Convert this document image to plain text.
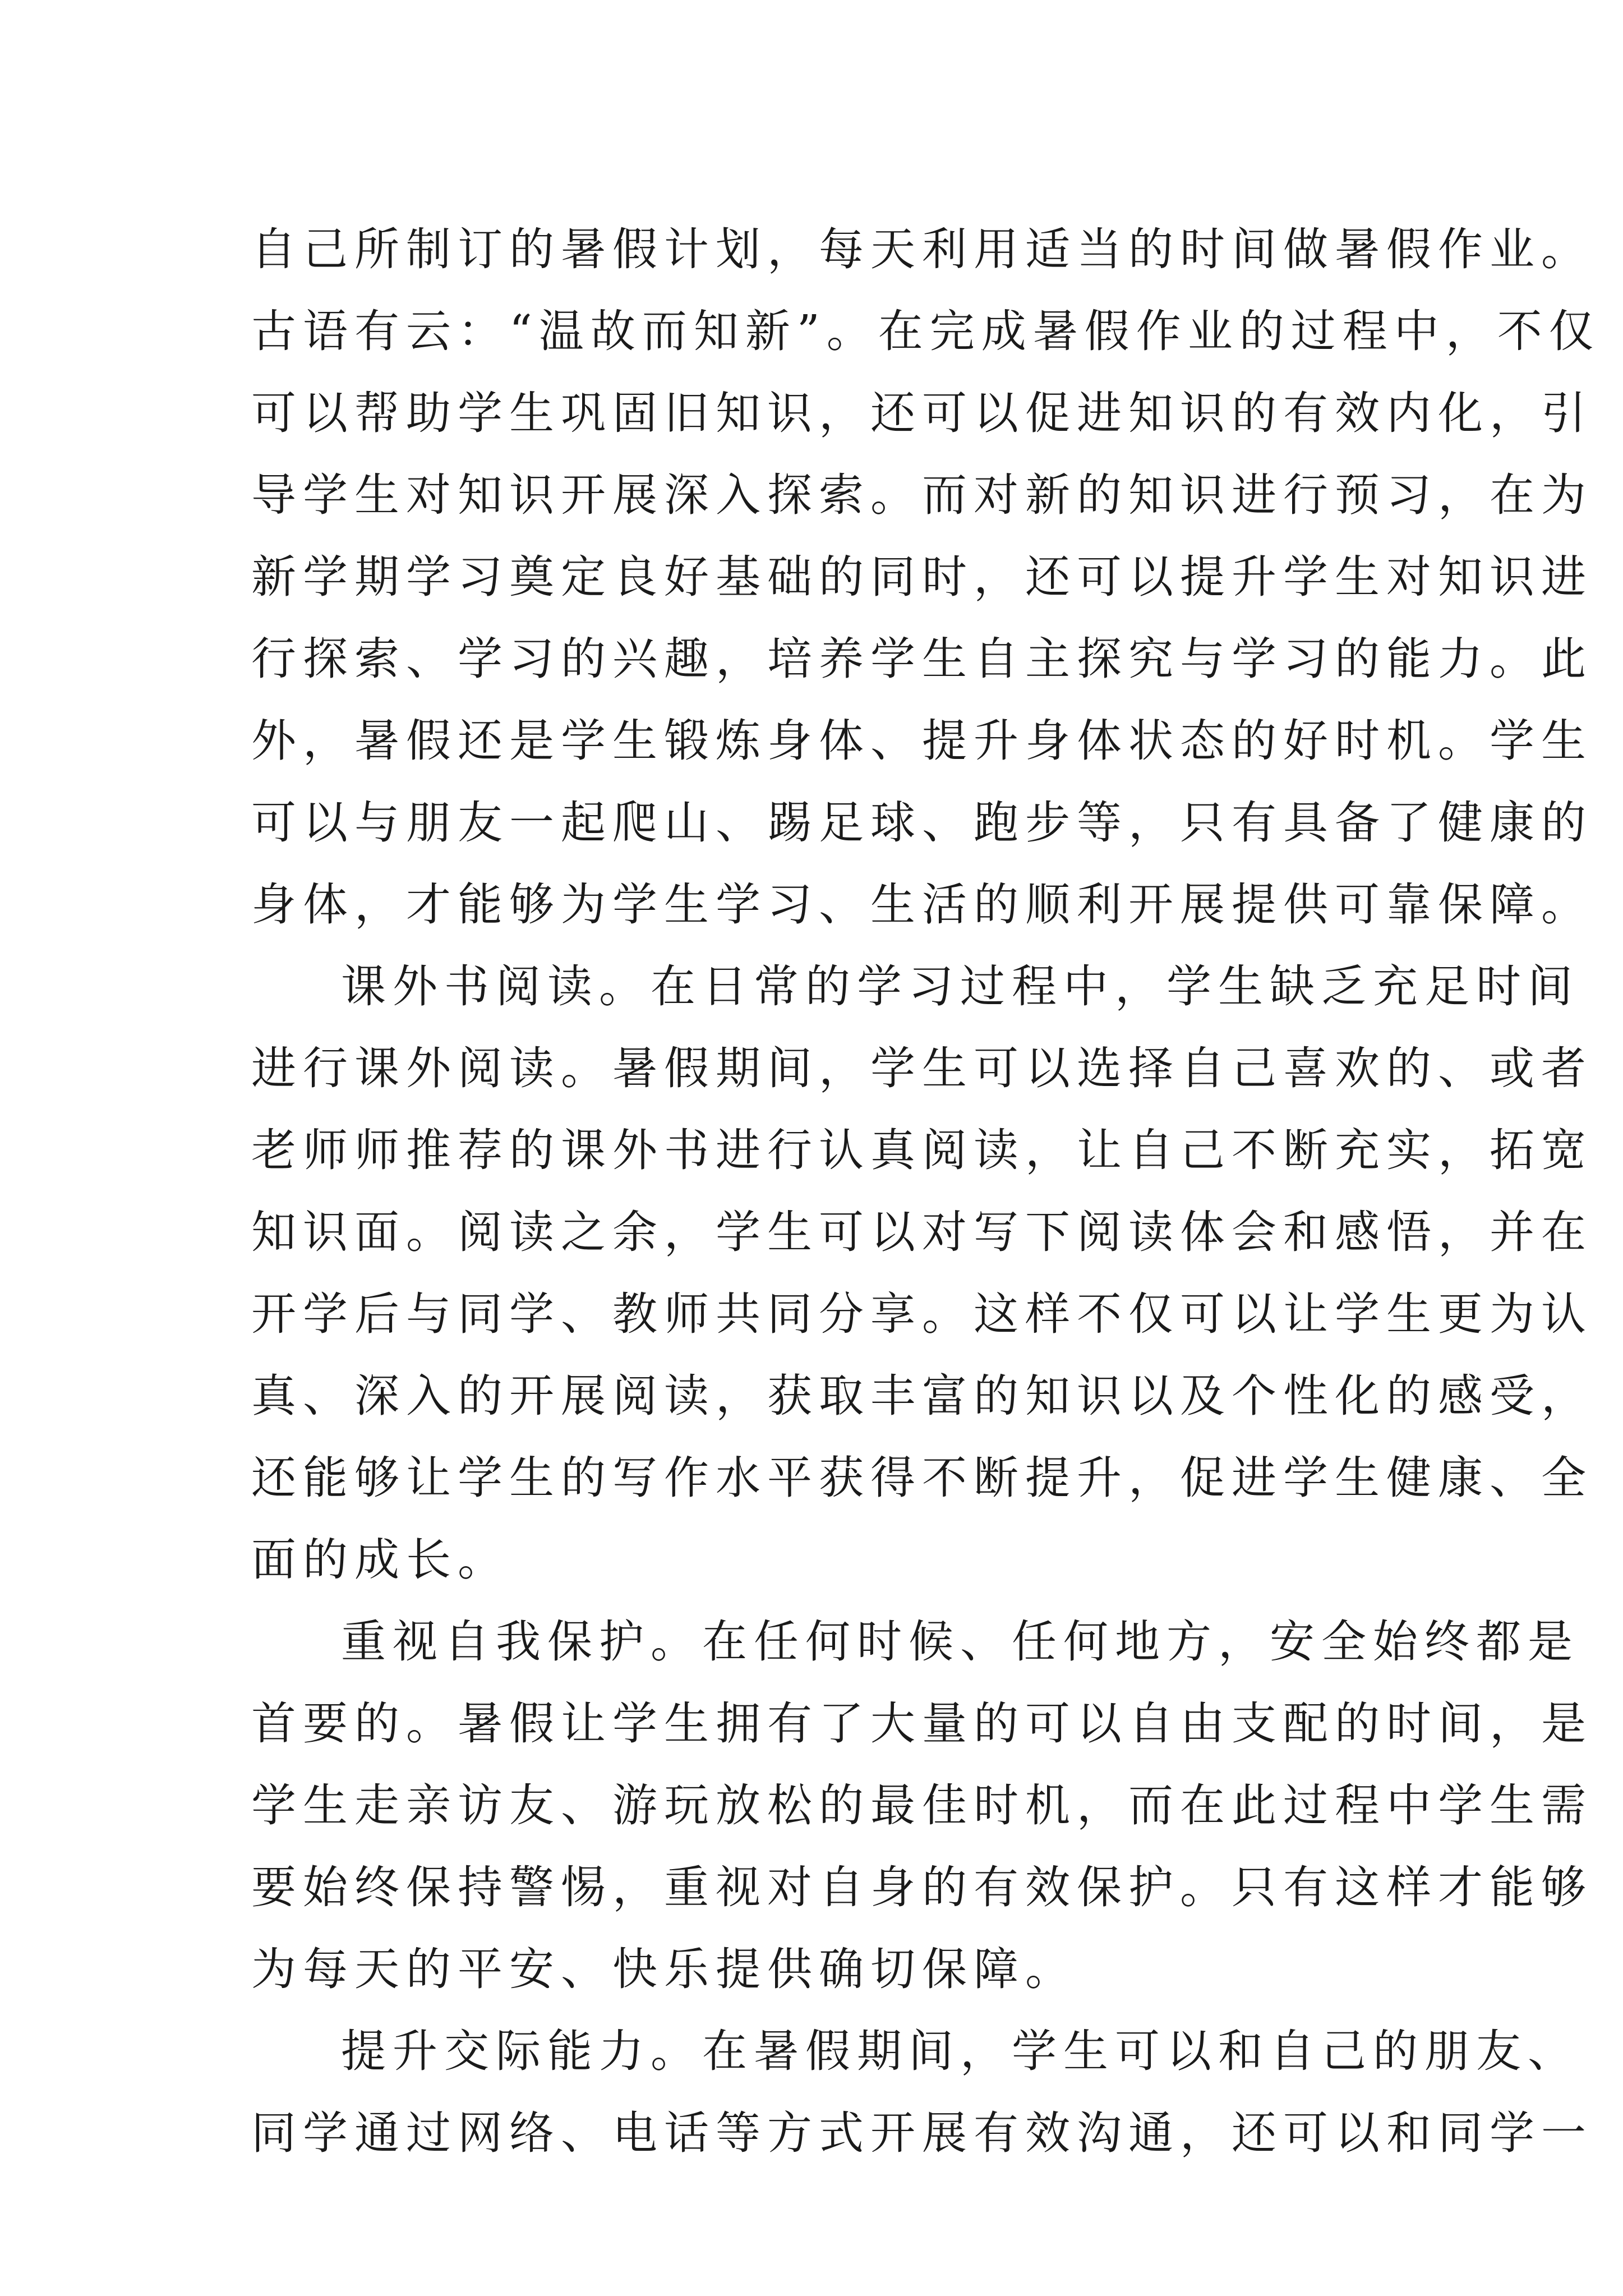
自己所制订的暑假计划，每天利用适当的时间做暑假作业。
古语有云：“温故而知新”。在完成暑假作业的过程中，不仅
可以帮助学生巩固旧知识，还可以促进知识的有效内化，引
导学生对知识开展深入探索。而对新的知识进行预习，在为
新学期学习奠定良好基础的同时，还可以提升学生对知识进
行探索、学习的兴趣，培养学生自主探究与学习的能力。此
外，暑假还是学生锻炼身体、提升身体状态的好时机。学生
可以与朋友一起爬山、踢足球、跑步等，只有具备了健康的
身体，才能够为学生学习、生活的顺利开展提供可靠保障。
课外书阅读。在日常的学习过程中，学生缺乏充足时间
进行课外阅读。暑假期间，学生可以选择自己喜欢的、或者
老师师推荐的课外书进行认真阅读，让自己不断充实，拓宽
知识面。阅读之余，学生可以对写下阅读体会和感悟，并在
开学后与同学、教师共同分享。这样不仅可以让学生更为认
真、深入的开展阅读，获取丰富的知识以及个性化的感受，
还能够让学生的写作水平获得不断提升，促进学生健康、全
面的成长。
重视自我保护。在任何时候、任何地方，安全始终都是
首要的。暑假让学生拥有了大量的可以自由支配的时间，是
学生走亲访友、游玩放松的最佳时机，而在此过程中学生需
要始终保持警惕，重视对自身的有效保护。只有这样才能够
为每天的平安、快乐提供确切保障。
提升交际能力。在暑假期间，学生可以和自己的朋友、
同学通过网络、电话等方式开展有效沟通，还可以和同学一
